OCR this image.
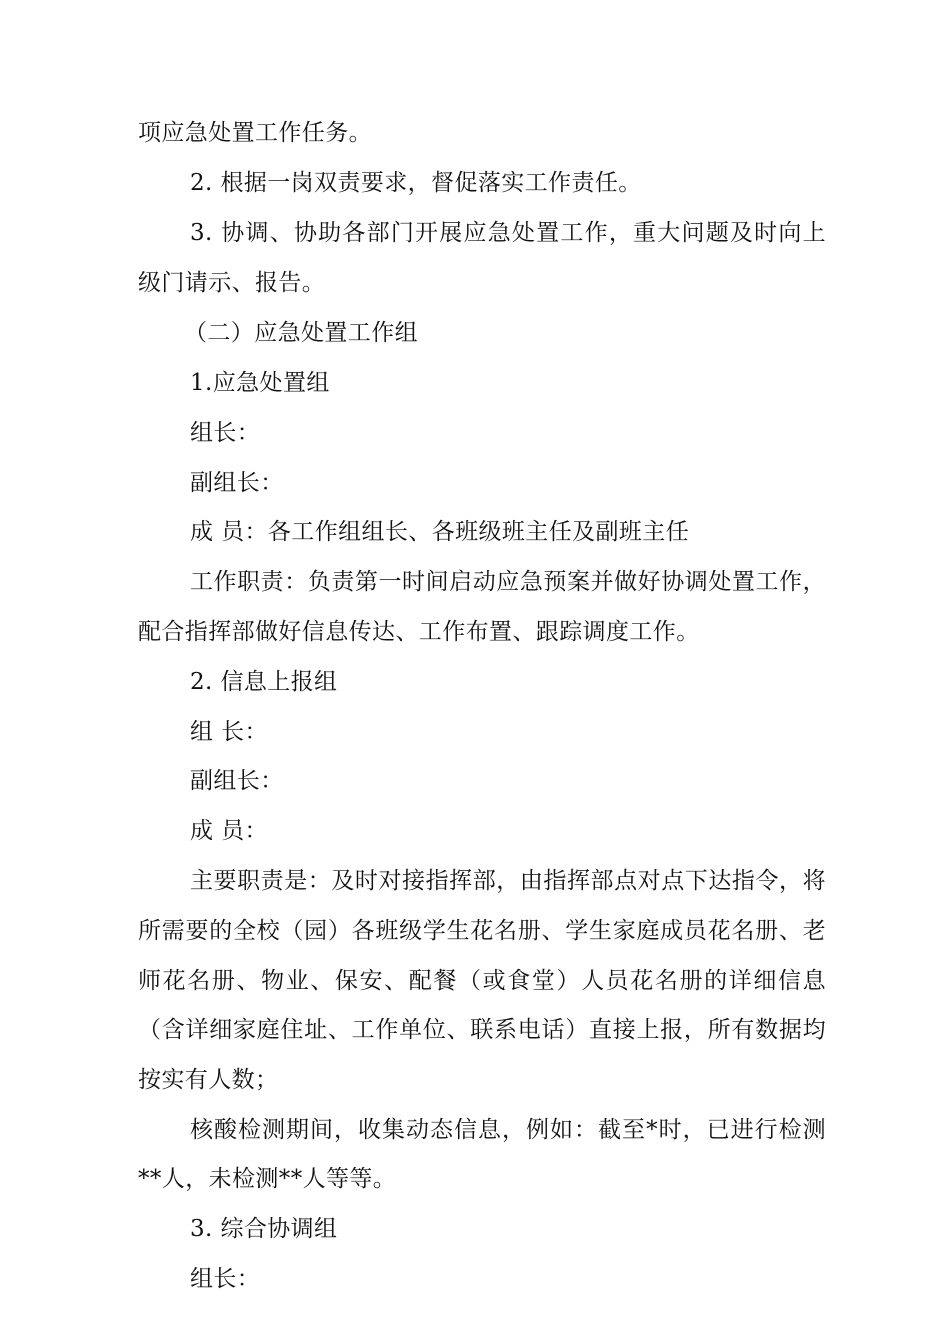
项应急处置工作任务。
2. 根据一岗双责要求，督促落实工作责任。
3. 协调、协助各部门开展应急处置工作，重大问题及时向上
级门请示、报告。
（二）应急处置工作组
1.应急处置组
组长：
副组长：
成 员：各工作组组长、各班级班主任及副班主任
工作职责：负责第一时间启动应急预案并做好协调处置工作，
配合指挥部做好信息传达、工作布置、跟踪调度工作。
2. 信息上报组
组 长：
副组长：
成 员：
主要职责是：及时对接指挥部，由指挥部点对点下达指令，将
所需要的全校（园）各班级学生花名册、学生家庭成员花名册、老
师花名册、物业、保安、配餐（或食堂）人员花名册的详细信息
（含详细家庭住址、工作单位、联系电话）直接上报，所有数据均
按实有人数；
核酸检测期间，收集动态信息，例如：截至*时，已进行检测
**人，未检测**人等等。
3. 综合协调组
组长：
